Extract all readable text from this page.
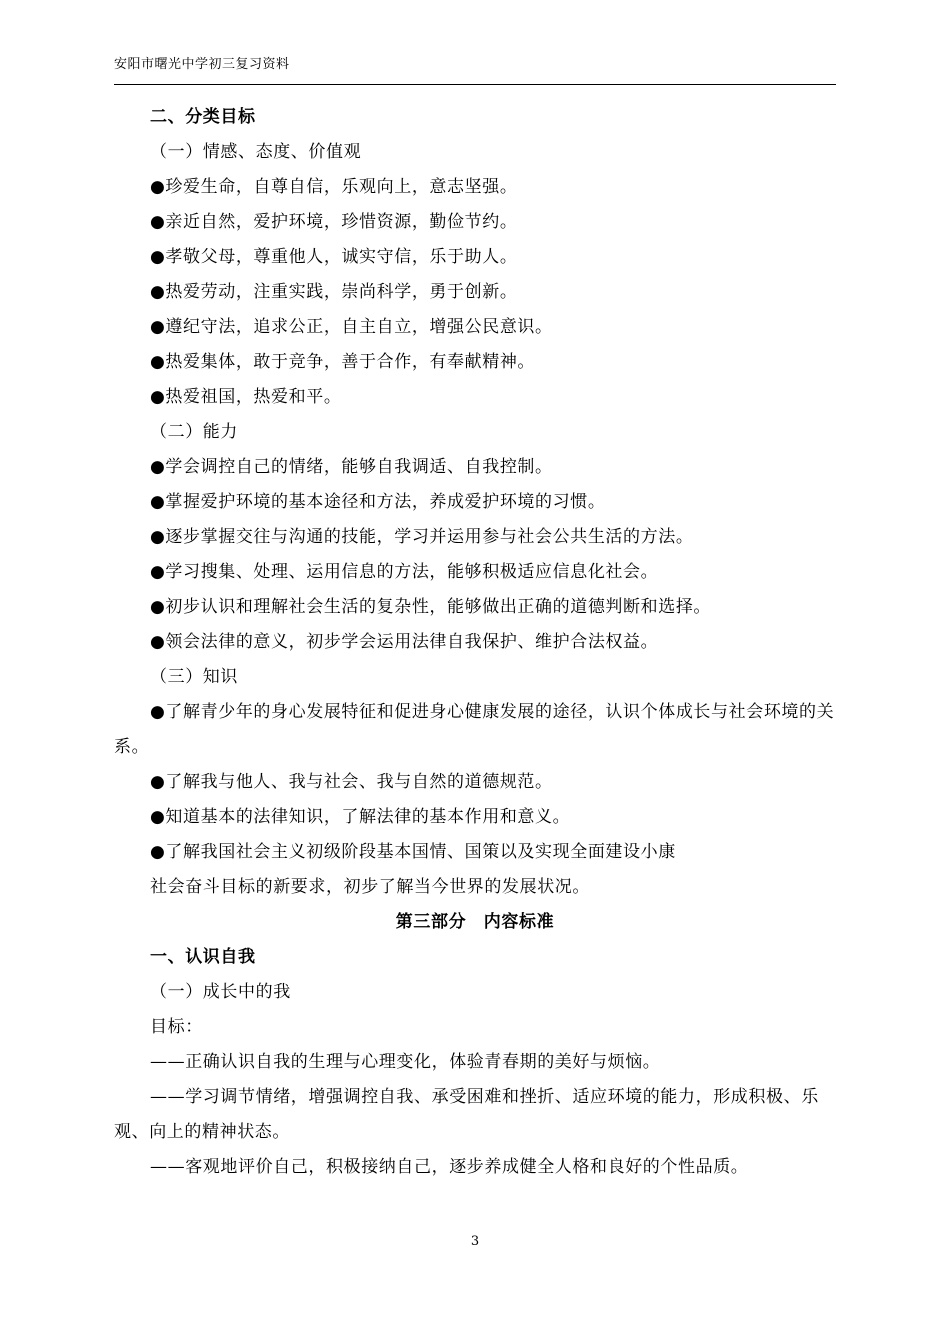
安阳市曙光中学初三复习资料

二、分类目标

（一）情感、态度、价值观

●珍爱生命，自尊自信，乐观向上，意志坚强。

●亲近自然，爱护环境，珍惜资源，勤俭节约。

●孝敬父母，尊重他人，诚实守信，乐于助人。

●热爱劳动，注重实践，崇尚科学，勇于创新。

●遵纪守法，追求公正，自主自立，增强公民意识。

●热爱集体，敢于竞争，善于合作，有奉献精神。

●热爱祖国，热爱和平。

（二）能力

●学会调控自己的情绪，能够自我调适、自我控制。

●掌握爱护环境的基本途径和方法，养成爱护环境的习惯。

●逐步掌握交往与沟通的技能，学习并运用参与社会公共生活的方法。

●学习搜集、处理、运用信息的方法，能够积极适应信息化社会。

●初步认识和理解社会生活的复杂性，能够做出正确的道德判断和选择。

●领会法律的意义，初步学会运用法律自我保护、维护合法权益。

（三）知识

●了解青少年的身心发展特征和促进身心健康发展的途径，认识个体成长与社会环境的关系。

●了解我与他人、我与社会、我与自然的道德规范。

●知道基本的法律知识，了解法律的基本作用和意义。

●了解我国社会主义初级阶段基本国情、国策以及实现全面建设小康

社会奋斗目标的新要求，初步了解当今世界的发展状况。

第三部分　内容标准

一、认识自我

（一）成长中的我

目标：

——正确认识自我的生理与心理变化，体验青春期的美好与烦恼。

——学习调节情绪，增强调控自我、承受困难和挫折、适应环境的能力，形成积极、乐观、向上的精神状态。

——客观地评价自己，积极接纳自己，逐步养成健全人格和良好的个性品质。

3
